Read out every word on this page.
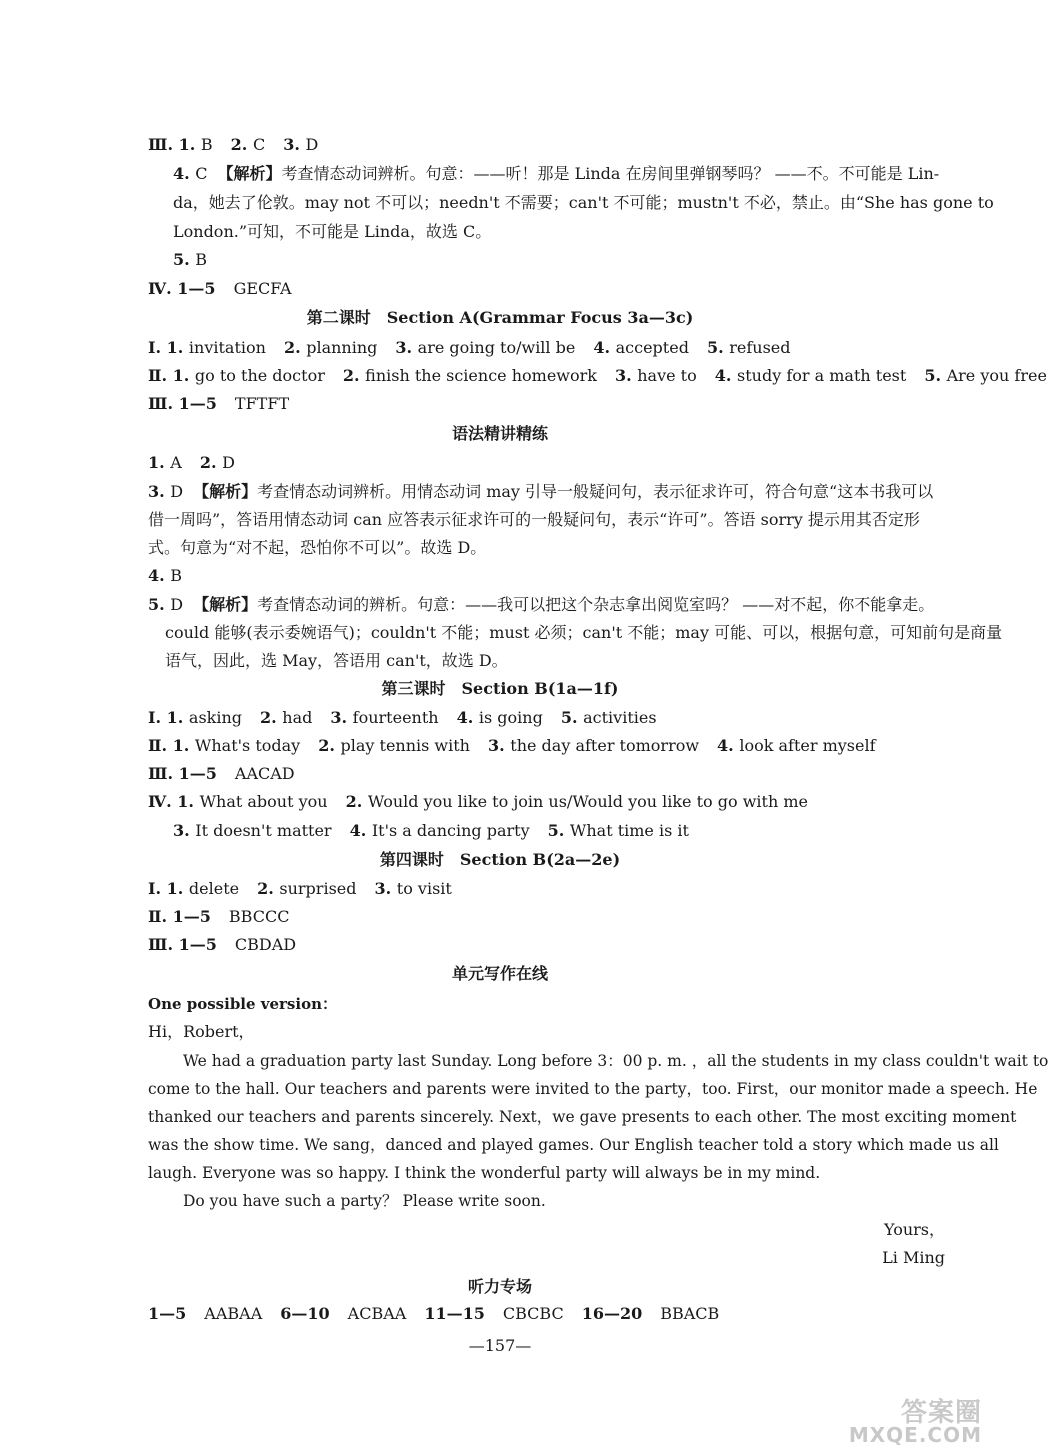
Ⅲ. 1. B 2. C 3. D
4. C 【解析】考查情态动词辨析。句意：——听！那是 Linda 在房间里弹钢琴吗？ ——不。不可能是 Lin-
da，她去了伦敦。may not 不可以；needn't 不需要；can't 不可能；mustn't 不必，禁止。由“She has gone to
London.”可知，不可能是 Linda，故选 C。
5. B
Ⅳ. 1—5 GECFA
第二课时　Section A(Grammar Focus 3a—3c)
Ⅰ. 1. invitation 2. planning 3. are going to/will be 4. accepted 5. refused
Ⅱ. 1. go to the doctor 2. finish the science homework 3. have to 4. study for a math test 5. Are you free
Ⅲ. 1—5 TFTFT
语法精讲精练
1. A 2. D
3. D 【解析】考查情态动词辨析。用情态动词 may 引导一般疑问句，表示征求许可，符合句意“这本书我可以
借一周吗”，答语用情态动词 can 应答表示征求许可的一般疑问句，表示“许可”。答语 sorry 提示用其否定形
式。句意为“对不起，恐怕你不可以”。故选 D。
4. B
5. D 【解析】考查情态动词的辨析。句意：——我可以把这个杂志拿出阅览室吗？ ——对不起，你不能拿走。
could 能够(表示委婉语气)；couldn't 不能；must 必须；can't 不能；may 可能、可以，根据句意，可知前句是商量
语气，因此，选 May，答语用 can't，故选 D。
第三课时　Section B(1a—1f)
Ⅰ. 1. asking 2. had 3. fourteenth 4. is going 5. activities
Ⅱ. 1. What's today 2. play tennis with 3. the day after tomorrow 4. look after myself
Ⅲ. 1—5 AACAD
Ⅳ. 1. What about you 2. Would you like to join us/Would you like to go with me
3. It doesn't matter 4. It's a dancing party 5. What time is it
第四课时　Section B(2a—2e)
Ⅰ. 1. delete 2. surprised 3. to visit
Ⅱ. 1—5 BBCCC
Ⅲ. 1—5 CBDAD
单元写作在线
One possible version：
Hi，Robert，
We had a graduation party last Sunday. Long before 3：00 p. m. ，all the students in my class couldn't wait to
come to the hall. Our teachers and parents were invited to the party，too. First，our monitor made a speech. He
thanked our teachers and parents sincerely. Next，we gave presents to each other. The most exciting moment
was the show time. We sang，danced and played games. Our English teacher told a story which made us all
laugh. Everyone was so happy. I think the wonderful party will always be in my mind.
Do you have such a party？ Please write soon.
Yours，
Li Ming
听力专场
1—5 AABAA 6—10 ACBAA 11—15 CBCBC 16—20 BBACB
—157—
答案圈
MXQE.COM
